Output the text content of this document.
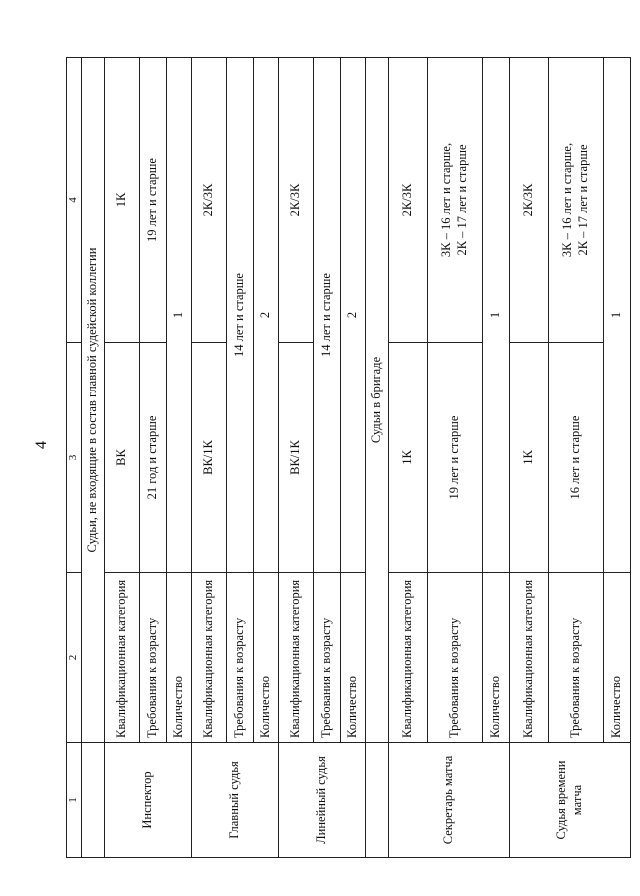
4
1	2	3	4
	Судьи, не входящие в состав главной судейской коллегии		
Инспектор	Квалификационная категория	ВК	1К
	Требования к возрасту	21 год и старше	19 лет и старше
	Количество	1	
Главный судья	Квалификационная категория	ВК/1К	2К/3К
	Требования к возрасту	14 лет и старше	
	Количество	2	
Линейный судья	Квалификационная категория	ВК/1К	2К/3К
	Требования к возрасту	14 лет и старше	
	Количество	2	
	Судьи в бригаде		
Секретарь матча	Квалификационная категория	1К	2К/3К
	Требования к возрасту	19 лет и старше	3К – 16 лет и старше, 2К – 17 лет и старше

	Количество	1	
Судья времени матча	Квалификационная категория	1К	2К/3К
	Требования к возрасту	16 лет и старше	3К – 16 лет и старше, 2К – 17 лет и старше

	Количество	1	
